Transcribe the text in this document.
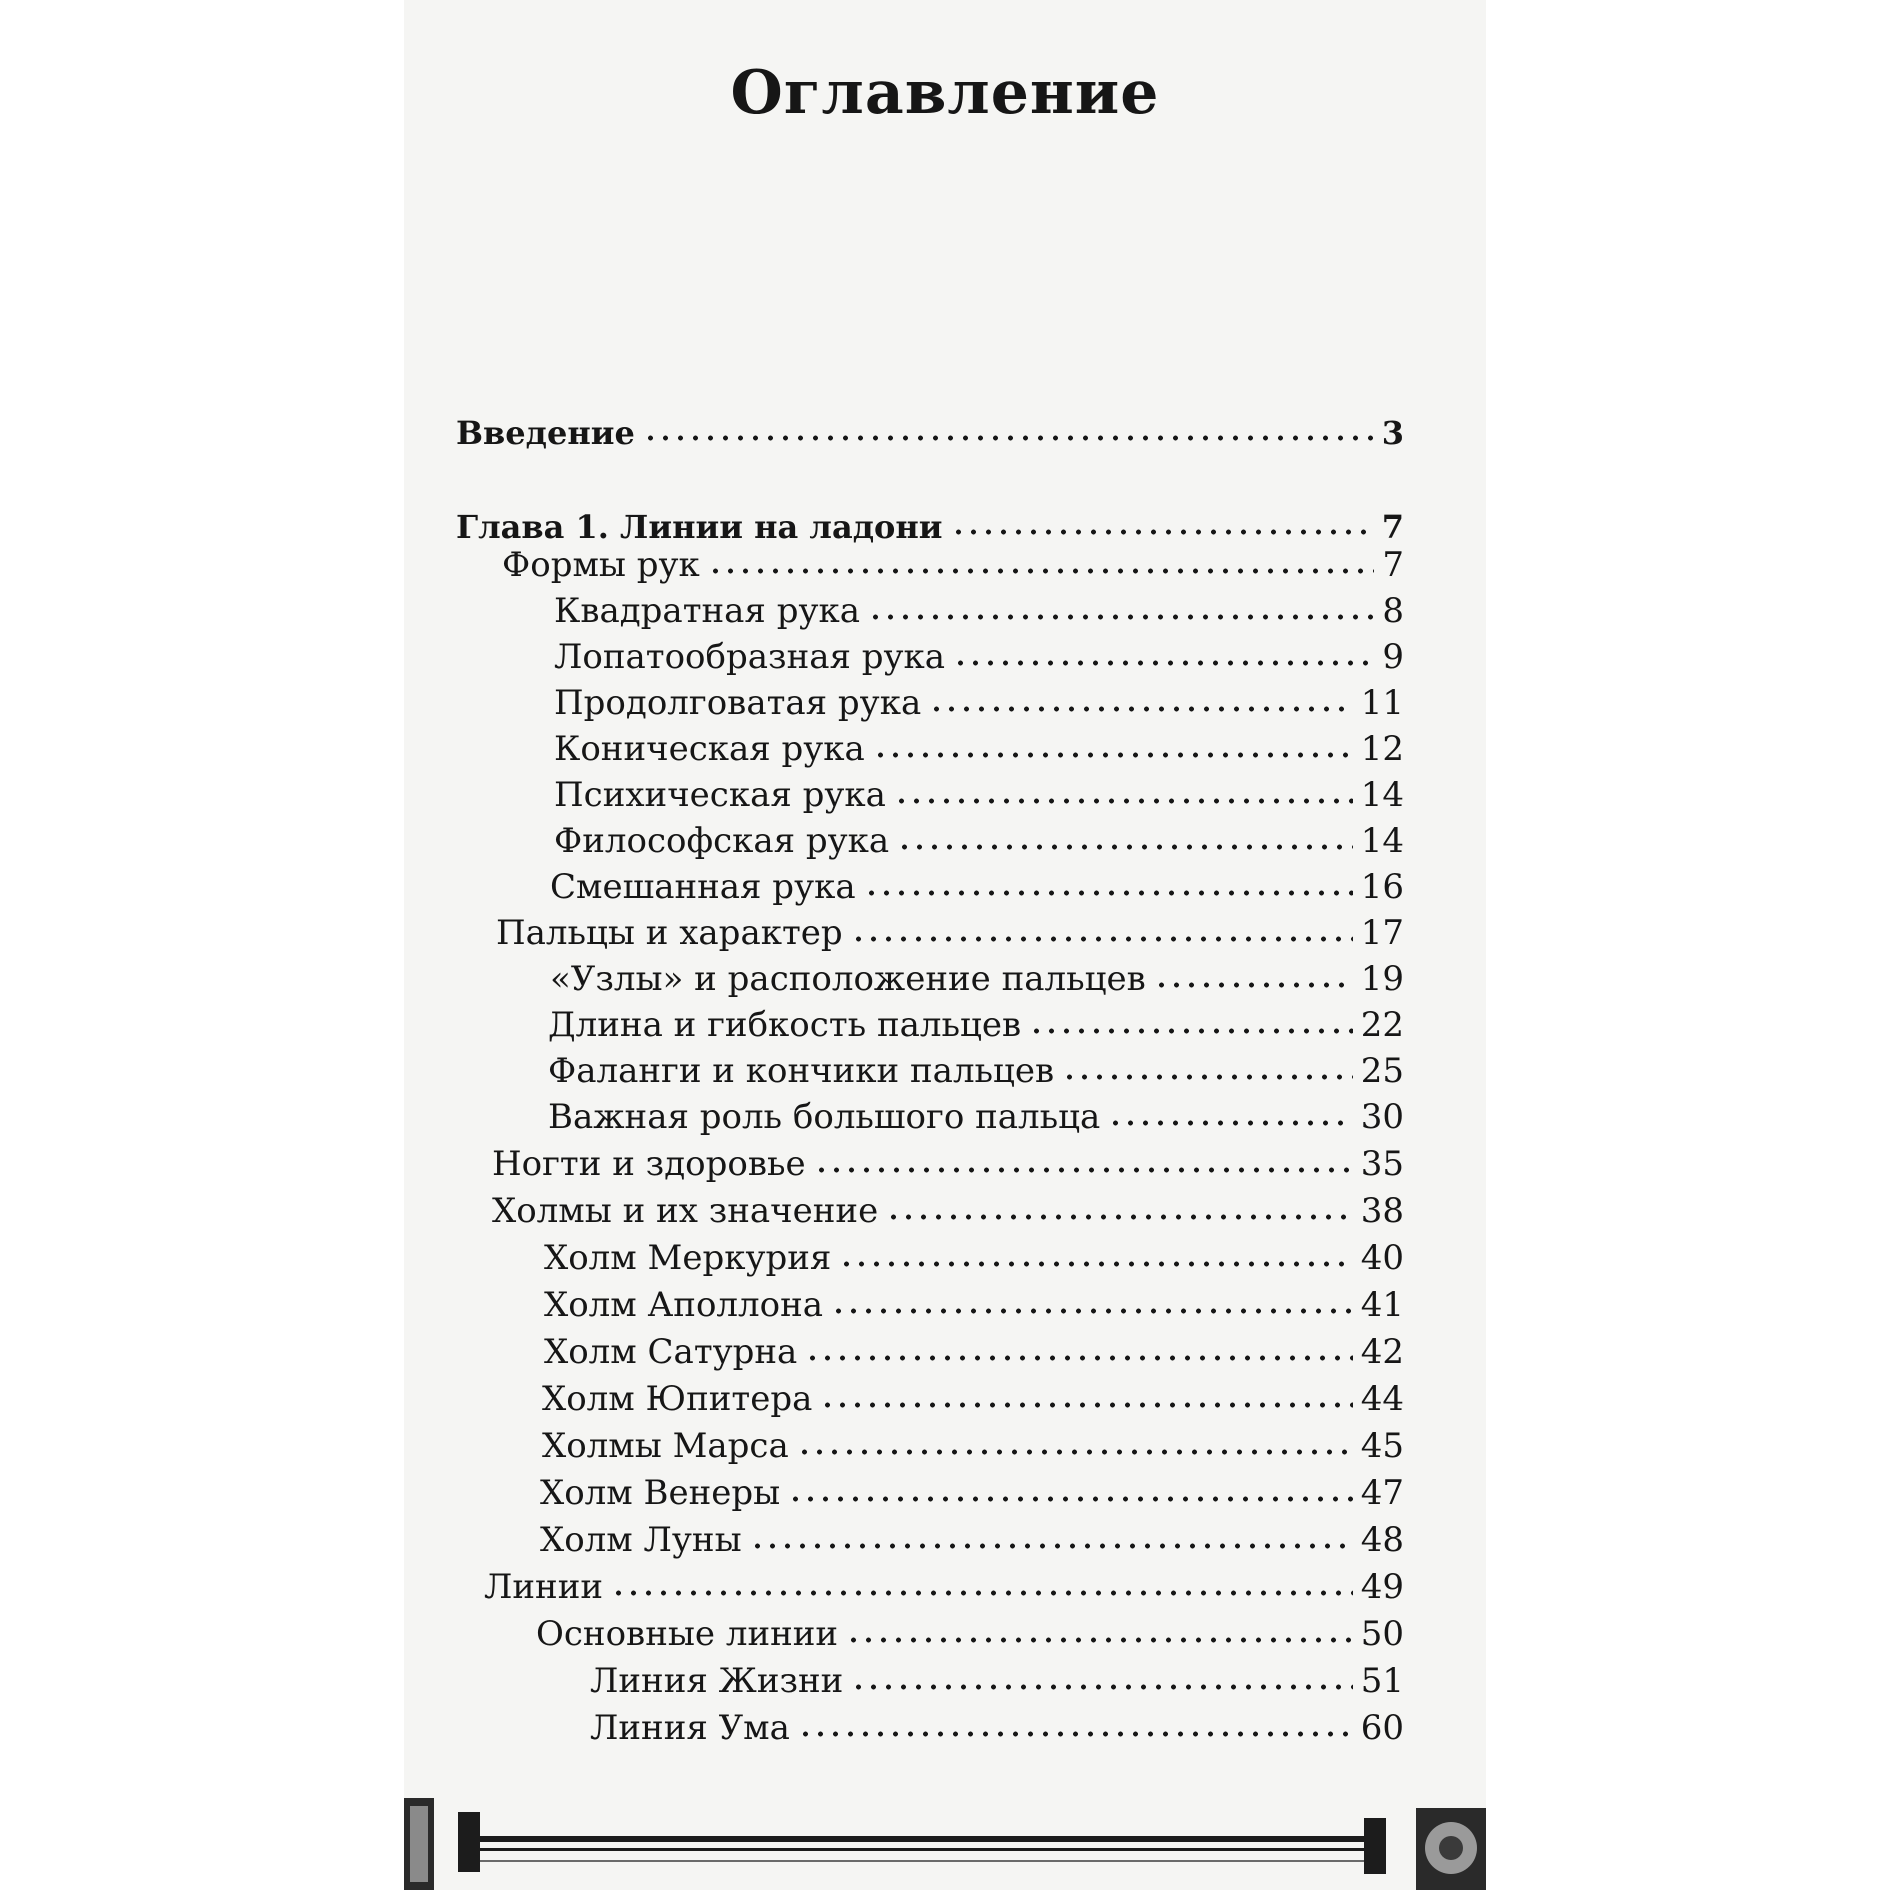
Оглавление
Введение	3
Глава 1. Линии на ладони	7
Формы рук	7
Квадратная рука	8
Лопатообразная рука	9
Продолговатая рука	11
Коническая рука	12
Психическая рука	14
Философская рука	14
Смешанная рука	16
Пальцы и характер	17
«Узлы» и расположение пальцев	19
Длина и гибкость пальцев	22
Фаланги и кончики пальцев	25
Важная роль большого пальца	30
Ногти и здоровье	35
Холмы и их значение	38
Холм Меркурия	40
Холм Аполлона	41
Холм Сатурна	42
Холм Юпитера	44
Холмы Марса	45
Холм Венеры	47
Холм Луны	48
Линии	49
Основные линии	50
Линия Жизни	51
Линия Ума	60
